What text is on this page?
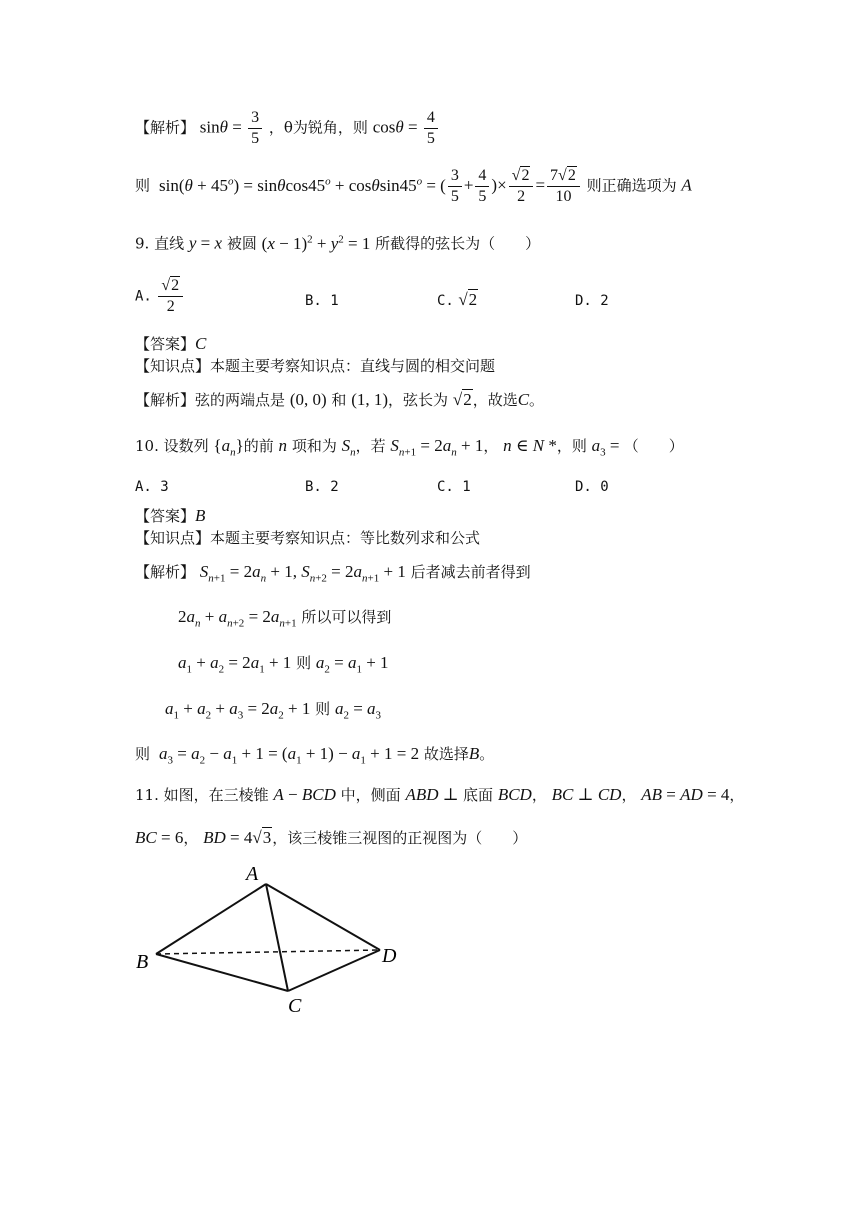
【解析】 $\sin\theta = \frac{3}{5}$ ，θ为锐角，则 $\cos\theta = \frac{4}{5}$
则  $\sin(\theta + 45^o) = \sin\theta\cos 45^o + \cos\theta\sin 45^o$ = ( $\frac{3}{5} + \frac{4}{5}$ )× $\frac{√2}{2} = \frac{7√2}{10}$ 则正确选项为 A
9. 直线 y = x 被圆 $(x - 1)^2 + y^2 = 1$ 所截得的弦长为（　　）
A. $\frac{√2}{2}$	B. 1	C. √2	D. 2
【答案】C
【知识点】本题主要考察知识点：直线与圆的相交问题
【解析】弦的两端点是 (0, 0) 和 (1, 1)，弦长为 √2，故选C。
10. 设数列 $\{a_n\}$的前 n 项和为 $S_n$，若 $S_{n+1} = 2a_n + 1$， n ∈ N *，则 $a_3$ = （　　）
A. 3	B. 2	C. 1	D. 0
【答案】B
【知识点】本题主要考察知识点：等比数列求和公式
【解析】 $S_{n+1} = 2a_n + 1$, $S_{n+2} = 2a_{n+1} + 1$ 后者减去前者得到
$2a_n + a_{n+2} = 2a_{n+1}$ 所以可以得到
$a_1 + a_2 = 2a_1 + 1$ 则 $a_2 = a_1 + 1$
$a_1 + a_2 + a_3 = 2a_2 + 1$ 则 $a_2 = a_3$
则 $a_3 = a_2 - a_1 + 1 = (a_1 + 1) - a_1 + 1 = 2$ 故选择B。
11. 如图，在三棱锥 A − BCD 中，侧面 ABD ⊥ 底面 BCD， BC ⊥ CD， AB = AD = 4，
BC = 6， BD = 4√3，该三棱锥三视图的正视图为（　　）
A
B
C
D
